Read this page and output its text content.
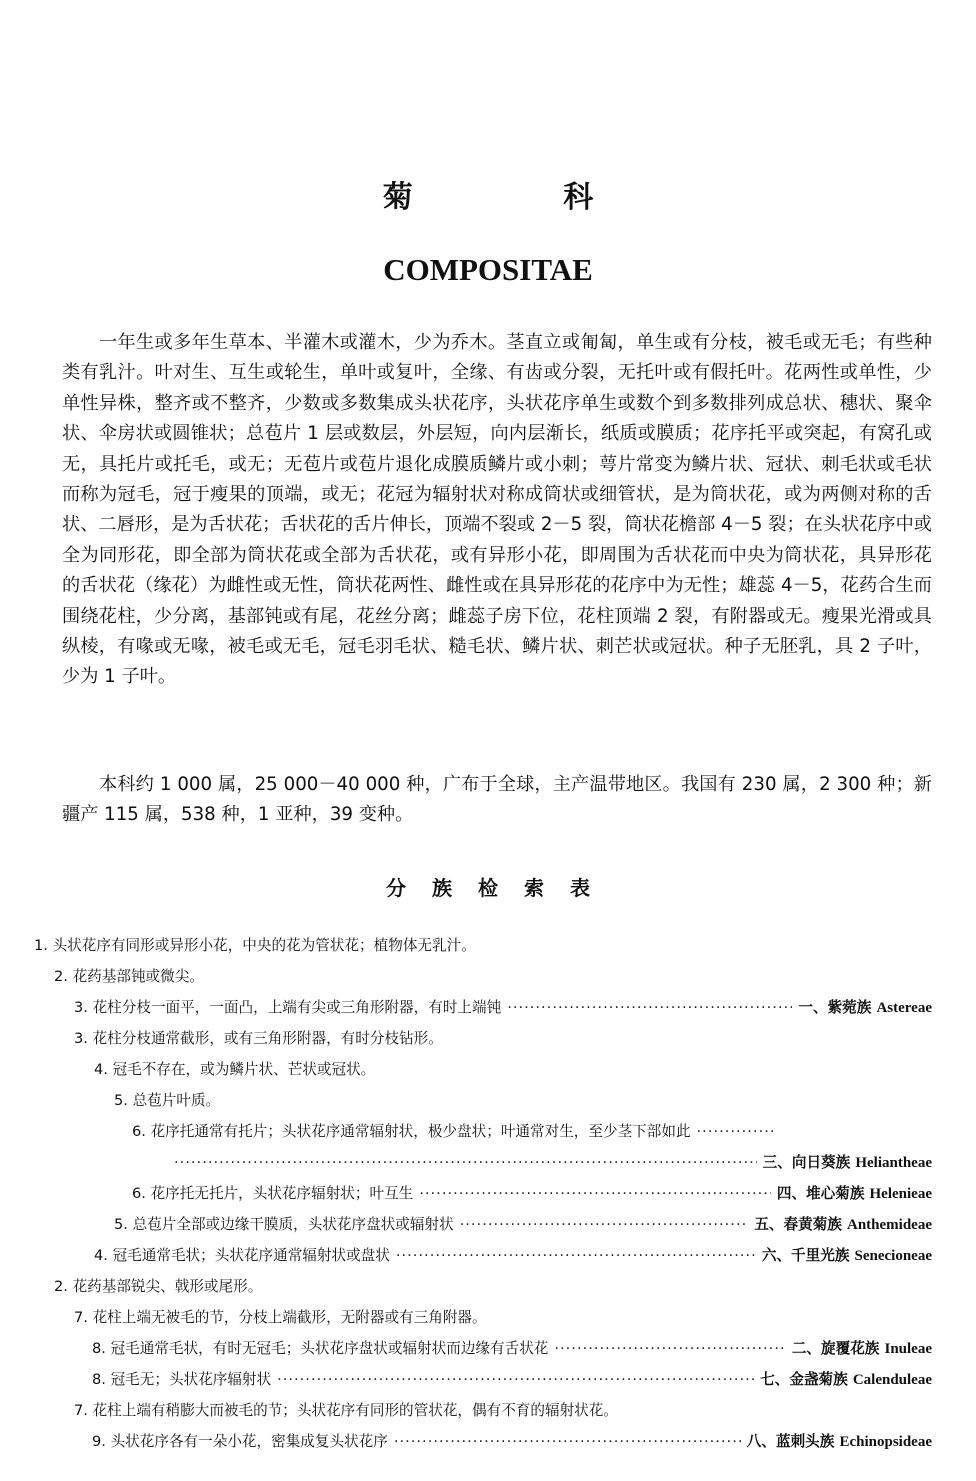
菊 科
COMPOSITAE

一年生或多年生草本、半灌木或灌木，少为乔木。茎直立或匍匐，单生或有分枝，被毛或无毛；有些种类有乳汁。叶对生、互生或轮生，单叶或复叶，全缘、有齿或分裂，无托叶或有假托叶。花两性或单性，少单性异株，整齐或不整齐，少数或多数集成头状花序，头状花序单生或数个到多数排列成总状、穗状、聚伞状、伞房状或圆锥状；总苞片 1 层或数层，外层短，向内层渐长，纸质或膜质；花序托平或突起，有窝孔或无，具托片或托毛，或无；无苞片或苞片退化成膜质鳞片或小刺；萼片常变为鳞片状、冠状、刺毛状或毛状而称为冠毛，冠于瘦果的顶端，或无；花冠为辐射状对称成筒状或细管状，是为筒状花，或为两侧对称的舌状、二唇形，是为舌状花；舌状花的舌片伸长，顶端不裂或 2－5 裂，筒状花檐部 4－5 裂；在头状花序中或全为同形花，即全部为筒状花或全部为舌状花，或有异形小花，即周围为舌状花而中央为筒状花，具异形花的舌状花（缘花）为雌性或无性，筒状花两性、雌性或在具异形花的花序中为无性；雄蕊 4－5，花药合生而围绕花柱，少分离，基部钝或有尾，花丝分离；雌蕊子房下位，花柱顶端 2 裂，有附器或无。瘦果光滑或具纵棱，有喙或无喙，被毛或无毛，冠毛羽毛状、糙毛状、鳞片状、刺芒状或冠状。种子无胚乳，具 2 子叶，少为 1 子叶。

本科约 1 000 属，25 000－40 000 种，广布于全球，主产温带地区。我国有 230 属，2 300 种；新疆产 115 属，538 种，1 亚种，39 变种。

分族检索表
1. 头状花序有同形或异形小花，中央的花为管状花；植物体无乳汁。
2. 花药基部钝或微尖。
3. 花柱分枝一面平，一面凸，上端有尖或三角形附器，有时上端钝 ·····	一、紫菀族 Astereae
3. 花柱分枝通常截形，或有三角形附器，有时分枝钻形。
4. 冠毛不存在，或为鳞片状、芒状或冠状。
5. 总苞片叶质。
6. 花序托通常有托片；头状花序通常辐射状，极少盘状；叶通常对生，至少茎下部如此
·····
·····
三、向日葵族 Heliantheae
6. 花序托无托片，头状花序辐射状；叶互生 ·····	四、堆心菊族 Helenieae
5. 总苞片全部或边缘干膜质，头状花序盘状或辐射状 ·····	五、春黄菊族 Anthemideae
4. 冠毛通常毛状；头状花序通常辐射状或盘状 ·····	六、千里光族 Senecioneae
2. 花药基部锐尖、戟形或尾形。
7. 花柱上端无被毛的节，分枝上端截形，无附器或有三角附器。
8. 冠毛通常毛状，有时无冠毛；头状花序盘状或辐射状而边缘有舌状花 ·····	二、旋覆花族 Inuleae
8. 冠毛无；头状花序辐射状 ·····	七、金盏菊族 Calenduleae
7. 花柱上端有稍膨大而被毛的节；头状花序有同形的管状花，偶有不育的辐射状花。
9. 头状花序各有一朵小花，密集成复头状花序 ·····	八、蓝刺头族 Echinopsideae
